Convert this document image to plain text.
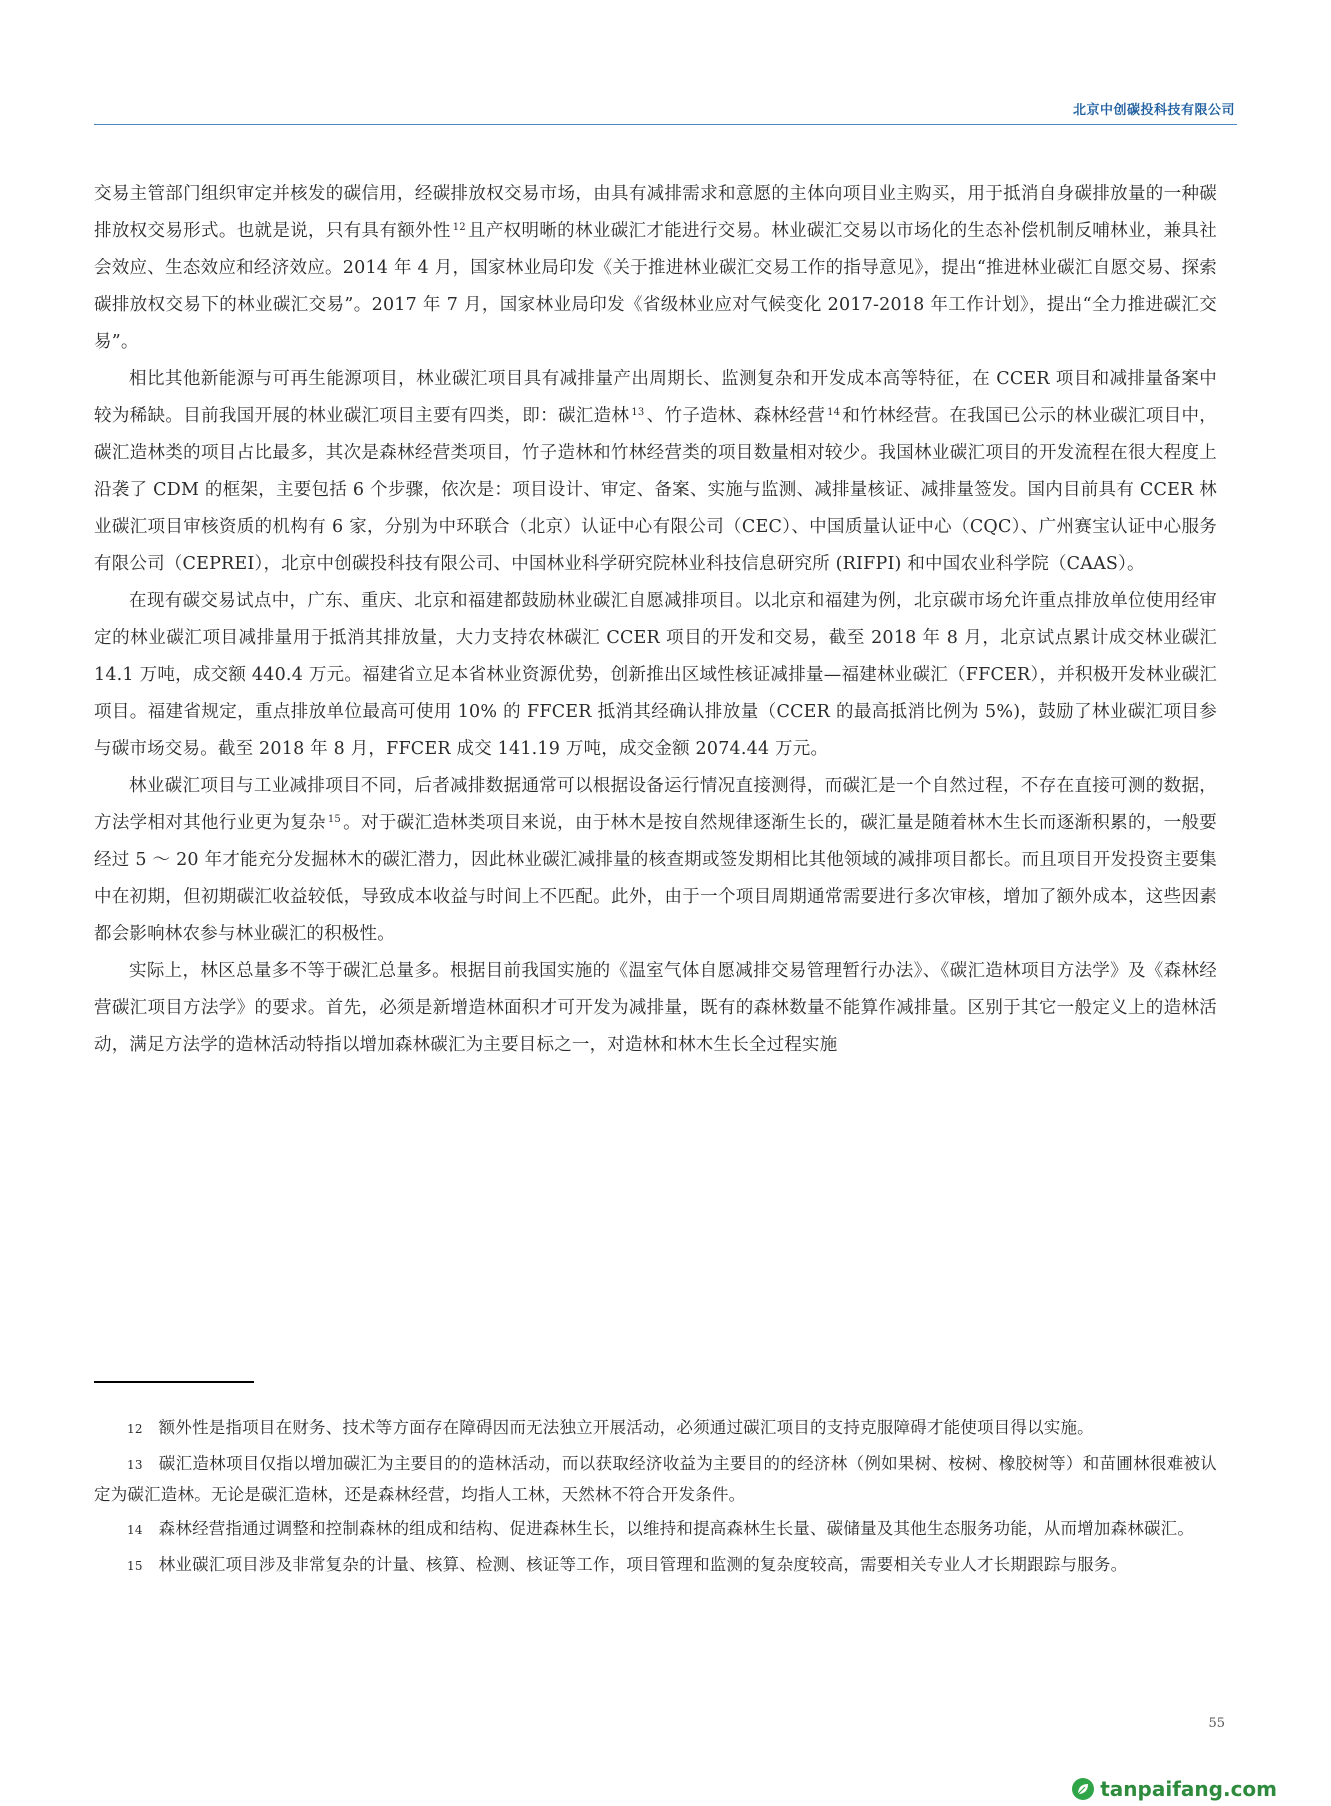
北京中创碳投科技有限公司

交易主管部门组织审定并核发的碳信用，经碳排放权交易市场，由具有减排需求和意愿的主体向项目业主购买，用于抵消自身碳排放量的一种碳排放权交易形式。也就是说，只有具有额外性 $^{12}$ 且产权明晰的林业碳汇才能进行交易。林业碳汇交易以市场化的生态补偿机制反哺林业，兼具社会效应、生态效应和经济效应。2014 年 4 月，国家林业局印发《关于推进林业碳汇交易工作的指导意见》，提出“推进林业碳汇自愿交易、探索碳排放权交易下的林业碳汇交易”。2017 年 7 月，国家林业局印发《省级林业应对气候变化 2017-2018 年工作计划》，提出“全力推进碳汇交易”。

相比其他新能源与可再生能源项目，林业碳汇项目具有减排量产出周期长、监测复杂和开发成本高等特征，在 CCER 项目和减排量备案中较为稀缺。目前我国开展的林业碳汇项目主要有四类，即：碳汇造林 $^{13}$ 、竹子造林、森林经营 $^{14}$ 和竹林经营。在我国已公示的林业碳汇项目中，碳汇造林类的项目占比最多，其次是森林经营类项目，竹子造林和竹林经营类的项目数量相对较少。我国林业碳汇项目的开发流程在很大程度上沿袭了 CDM 的框架，主要包括 6 个步骤，依次是：项目设计、审定、备案、实施与监测、减排量核证、减排量签发。国内目前具有 CCER 林业碳汇项目审核资质的机构有 6 家，分别为中环联合（北京）认证中心有限公司（CEC）、中国质量认证中心（CQC）、广州赛宝认证中心服务有限公司（CEPREI），北京中创碳投科技有限公司、中国林业科学研究院林业科技信息研究所 (RIFPI) 和中国农业科学院（CAAS）。

在现有碳交易试点中，广东、重庆、北京和福建都鼓励林业碳汇自愿减排项目。以北京和福建为例，北京碳市场允许重点排放单位使用经审定的林业碳汇项目减排量用于抵消其排放量，大力支持农林碳汇 CCER 项目的开发和交易，截至 2018 年 8 月，北京试点累计成交林业碳汇 14.1 万吨，成交额 440.4 万元。福建省立足本省林业资源优势，创新推出区域性核证减排量—福建林业碳汇（FFCER），并积极开发林业碳汇项目。福建省规定，重点排放单位最高可使用 10% 的 FFCER 抵消其经确认排放量（CCER 的最高抵消比例为 5%)，鼓励了林业碳汇项目参与碳市场交易。截至 2018 年 8 月，FFCER 成交 141.19 万吨，成交金额 2074.44 万元。

林业碳汇项目与工业减排项目不同，后者减排数据通常可以根据设备运行情况直接测得，而碳汇是一个自然过程，不存在直接可测的数据，方法学相对其他行业更为复杂 $^{15}$ 。对于碳汇造林类项目来说，由于林木是按自然规律逐渐生长的，碳汇量是随着林木生长而逐渐积累的，一般要经过 5 ～ 20 年才能充分发掘林木的碳汇潜力，因此林业碳汇减排量的核查期或签发期相比其他领域的减排项目都长。而且项目开发投资主要集中在初期，但初期碳汇收益较低，导致成本收益与时间上不匹配。此外，由于一个项目周期通常需要进行多次审核，增加了额外成本，这些因素都会影响林农参与林业碳汇的积极性。

实际上，林区总量多不等于碳汇总量多。根据目前我国实施的《温室气体自愿减排交易管理暂行办法》、《碳汇造林项目方法学》及《森林经营碳汇项目方法学》的要求。首先，必须是新增造林面积才可开发为减排量，既有的森林数量不能算作减排量。区别于其它一般定义上的造林活动，满足方法学的造林活动特指以增加森林碳汇为主要目标之一，对造林和林木生长全过程实施

12 额外性是指项目在财务、技术等方面存在障碍因而无法独立开展活动，必须通过碳汇项目的支持克服障碍才能使项目得以实施。

13 碳汇造林项目仅指以增加碳汇为主要目的的造林活动，而以获取经济收益为主要目的的经济林（例如果树、桉树、橡胶树等）和苗圃林很难被认定为碳汇造林。无论是碳汇造林，还是森林经营，均指人工林，天然林不符合开发条件。

14 森林经营指通过调整和控制森林的组成和结构、促进森林生长，以维持和提高森林生长量、碳储量及其他生态服务功能，从而增加森林碳汇。

15 林业碳汇项目涉及非常复杂的计量、核算、检测、核证等工作，项目管理和监测的复杂度较高，需要相关专业人才长期跟踪与服务。

55
tanpaifang.com
